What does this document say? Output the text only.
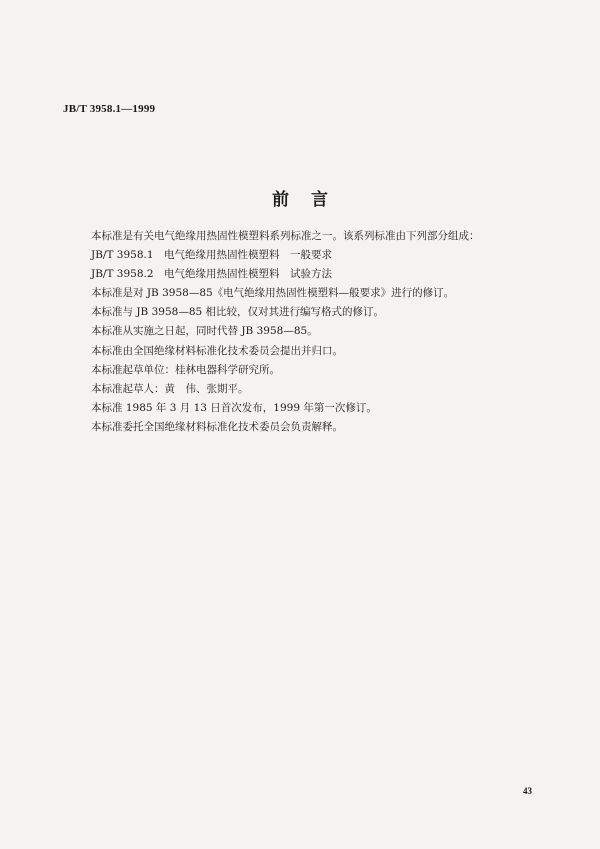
JB/T 3958.1—1999
前言
本标准是有关电气绝缘用热固性模塑料系列标准之一。该系列标准由下列部分组成：
JB/T 3958.1　电气绝缘用热固性模塑料　一般要求
JB/T 3958.2　电气绝缘用热固性模塑料　试验方法
本标准是对 JB 3958—85《电气绝缘用热固性模塑料—般要求》进行的修订。
本标准与 JB 3958—85 相比较，仅对其进行编写格式的修订。
本标准从实施之日起，同时代替 JB 3958—85。
本标准由全国绝缘材料标准化技术委员会提出并归口。
本标准起草单位：桂林电器科学研究所。
本标准起草人：黄　伟、张期平。
本标准 1985 年 3 月 13 日首次发布，1999 年第一次修订。
本标准委托全国绝缘材料标准化技术委员会负责解释。
43
